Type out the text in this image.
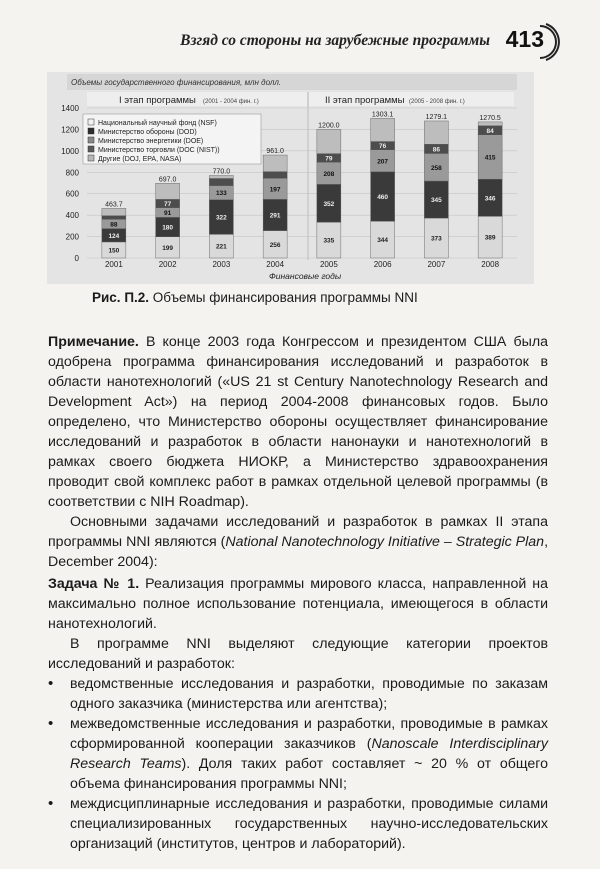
Взгяд со стороны на зарубежные программы 413
Объемы государственного финансирования, млн долл.
I этап программы (2001 - 2004 фин. г.)	II этап программы (2005 - 2008 фин. г.)
0
200
400
600
800
1000
1200
1400
150
124
88
463.7
199
180
91
77
697.0
221
322
133
770.0
256
291
197
961.0
335
352
208
79
1200.0
344
460
207
76
1303.1
373
345
258
86
1279.1
389
346
415
84
1270.5
2001	2002	2003	2004	2005	2006	2007	2008
Национальный научный фонд (NSF)
Министерство обороны (DOD)
Министерство энергетики (DOE)
Министерство торговли (DOC (NIST))
Другие (DOJ, EPA, NASA)
Финансовые годы
Рис. П.2. Объемы финансирования программы NNI

Примечание. В конце 2003 года Конгрессом и президентом США была одобрена программа финансирования исследований и разработок в области нанотехнологий («US 21 st Century Nanotechnology Research and Development Act») на период 2004-2008 финансовых годов. Было определено, что Министерство обороны осуществляет финансирование исследований и разработок в области нанонауки и нанотехнологий в рамках своего бюджета НИОКР, а Министерство здравоохранения проводит свой комплекс работ в рамках отдельной целевой программы (в соответствии с NIH Roadmap).

Основными задачами исследований и разработок в рамках II этапа программы NNI являются (National Nanotechnology Initiative – Strategic Plan, December 2004):

Задача № 1. Реализация программы мирового класса, направленной на максимально полное использование потенциала, имеющегося в области нанотехнологий.

В программе NNI выделяют следующие категории проектов исследований и разработок:

• ведомственные исследования и разработки, проводимые по заказам одного заказчика (министерства или агентства);
• межведомственные исследования и разработки, проводимые в рамках сформированной кооперации заказчиков (Nanoscale Interdisciplinary Research Teams). Доля таких работ составляет ~ 20 % от общего объема финансирования программы NNI;
• междисциплинарные исследования и разработки, проводимые силами специализированных государственных научно-исследовательских организаций (институтов, центров и лабораторий).
